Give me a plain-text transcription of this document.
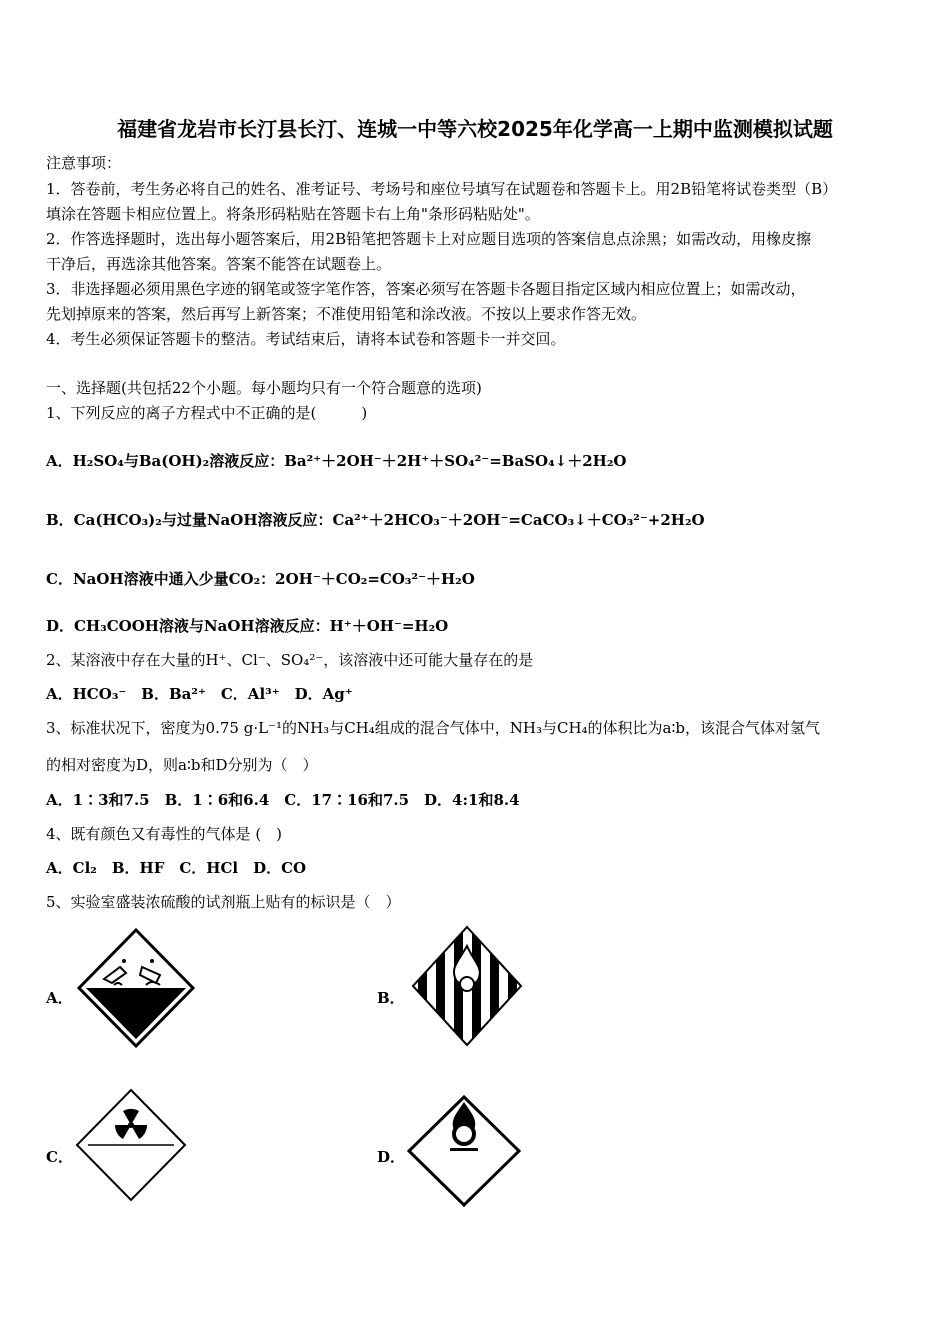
福建省龙岩市长汀县长汀、连城一中等六校2025年化学高一上期中监测模拟试题
注意事项：
1．答卷前，考生务必将自己的姓名、准考证号、考场号和座位号填写在试题卷和答题卡上。用2B铅笔将试卷类型（B）
填涂在答题卡相应位置上。将条形码粘贴在答题卡右上角"条形码粘贴处"。
2．作答选择题时，选出每小题答案后，用2B铅笔把答题卡上对应题目选项的答案信息点涂黑；如需改动，用橡皮擦
干净后，再选涂其他答案。答案不能答在试题卷上。
3．非选择题必须用黑色字迹的钢笔或签字笔作答，答案必须写在答题卡各题目指定区域内相应位置上；如需改动，
先划掉原来的答案，然后再写上新答案；不准使用铅笔和涂改液。不按以上要求作答无效。
4．考生必须保证答题卡的整洁。考试结束后，请将本试卷和答题卡一并交回。
一、选择题(共包括22个小题。每小题均只有一个符合题意的选项)
1、下列反应的离子方程式中不正确的是(　　　)
A．H₂SO₄与Ba(OH)₂溶液反应：Ba²⁺＋2OH⁻＋2H⁺＋SO₄²⁻=BaSO₄↓＋2H₂O
B．Ca(HCO₃)₂与过量NaOH溶液反应：Ca²⁺＋2HCO₃⁻＋2OH⁻=CaCO₃↓＋CO₃²⁻+2H₂O
C．NaOH溶液中通入少量CO₂：2OH⁻＋CO₂=CO₃²⁻＋H₂O
D．CH₃COOH溶液与NaOH溶液反应：H⁺＋OH⁻=H₂O
2、某溶液中存在大量的H⁺、Cl⁻、SO₄²⁻，该溶液中还可能大量存在的是
A．HCO₃⁻　B．Ba²⁺　C．Al³⁺　D．Ag⁺
3、标准状况下，密度为0.75 g·L⁻¹的NH₃与CH₄组成的混合气体中，NH₃与CH₄的体积比为a∶b，该混合气体对氢气
的相对密度为D，则a∶b和D分别为（　）
A．1∶3和7.5　B．1∶6和6.4　C．17∶16和7.5　D．4:1和8.4
4、既有颜色又有毒性的气体是 (　)
A．Cl₂　B．HF　C．HCl　D．CO
5、实验室盛装浓硫酸的试剂瓶上贴有的标识是（　）
A．	B．
C．	D．
